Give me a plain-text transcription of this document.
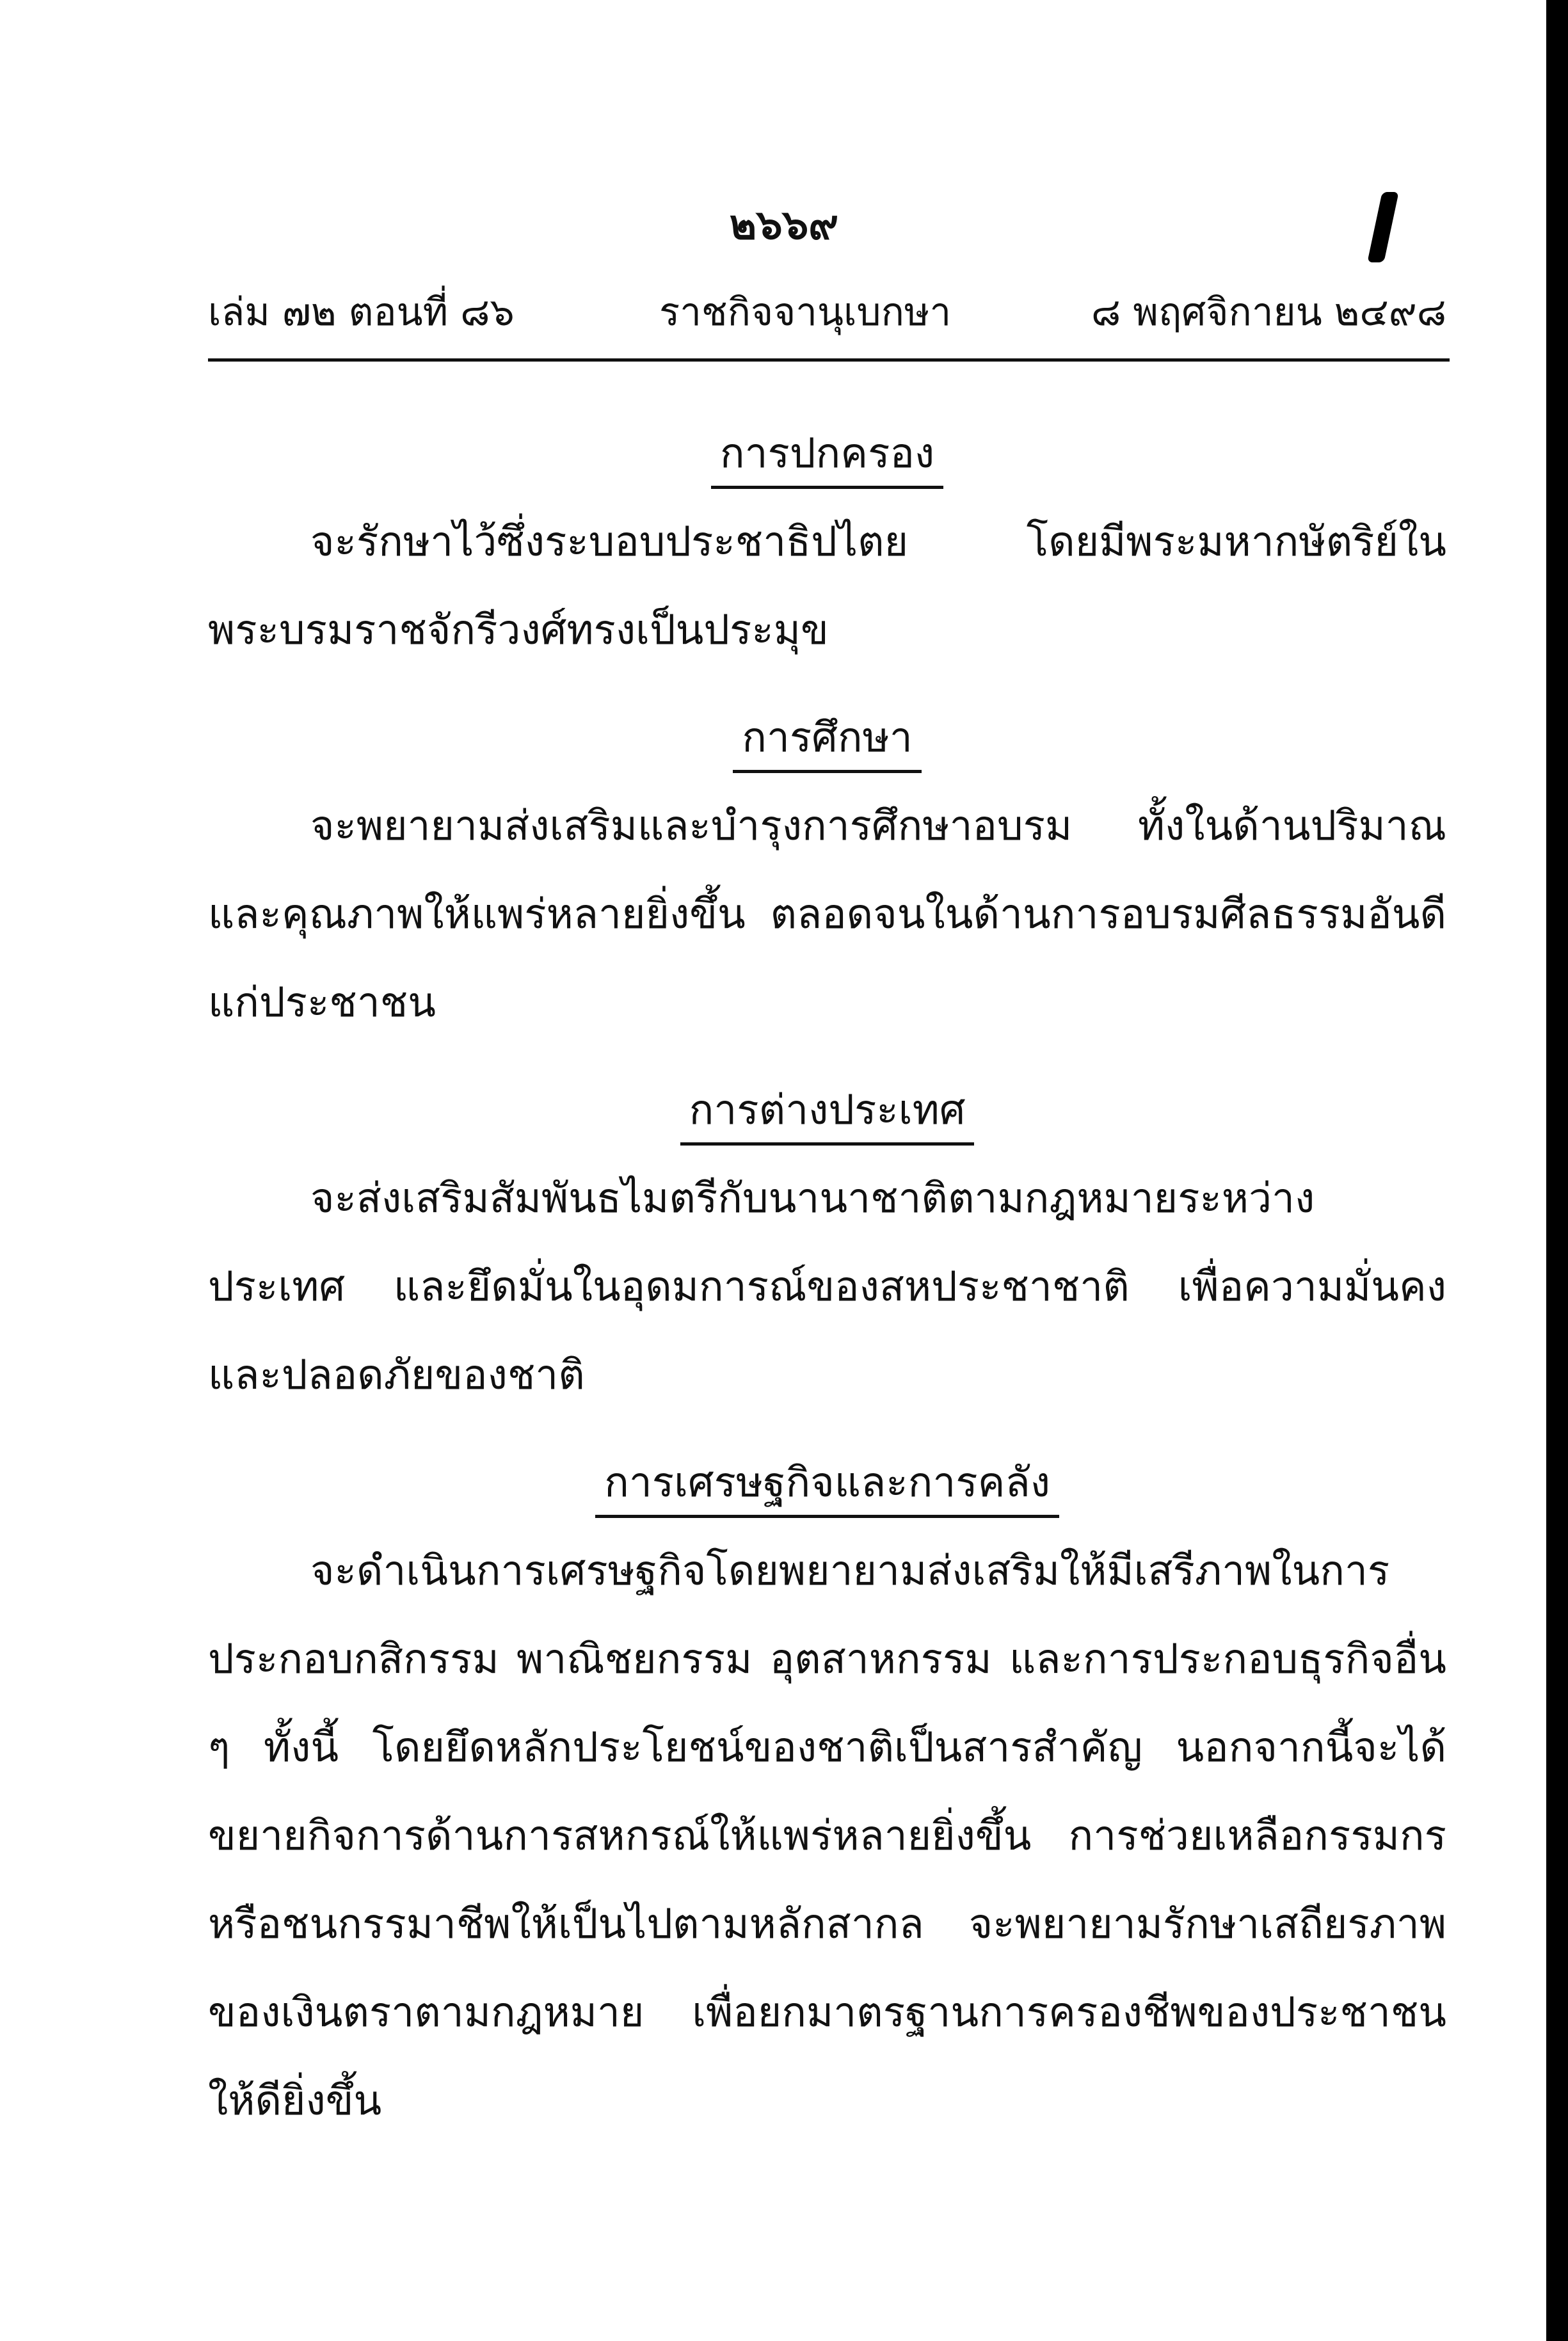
๒๖๖๙
เล่ม ๗๒ ตอนที่ ๘๖	ราชกิจจานุเบกษา	๘ พฤศจิกายน ๒๔๙๘
การปกครอง

จะรักษาไว้ซึ่งระบอบประชาธิปไตย โดยมีพระมหากษัตริย์ในพระบรมราชจักรีวงศ์ทรงเป็นประมุข

การศึกษา

จะพยายามส่งเสริมและบำรุงการศึกษาอบรม ทั้งในด้านปริมาณและคุณภาพให้แพร่หลายยิ่งขึ้น ตลอดจนในด้านการอบรมศีลธรรมอันดีแก่ประชาชน

การต่างประเทศ

จะส่งเสริมสัมพันธไมตรีกับนานาชาติตามกฎหมายระหว่างประเทศ และยึดมั่นในอุดมการณ์ของสหประชาชาติ เพื่อความมั่นคงและปลอดภัยของชาติ

การเศรษฐกิจและการคลัง

จะดำเนินการเศรษฐกิจโดยพยายามส่งเสริมให้มีเสรีภาพในการประกอบกสิกรรม พาณิชยกรรม อุตสาหกรรม และการประกอบธุรกิจอื่น ๆ ทั้งนี้ โดยยึดหลักประโยชน์ของชาติเป็นสารสำคัญ นอกจากนี้จะได้ขยายกิจการด้านการสหกรณ์ให้แพร่หลายยิ่งขึ้น การช่วยเหลือกรรมกรหรือชนกรรมาชีพให้เป็นไปตามหลักสากล จะพยายามรักษาเสถียรภาพของเงินตราตามกฎหมาย เพื่อยกมาตรฐานการครองชีพของประชาชนให้ดียิ่งขึ้น
